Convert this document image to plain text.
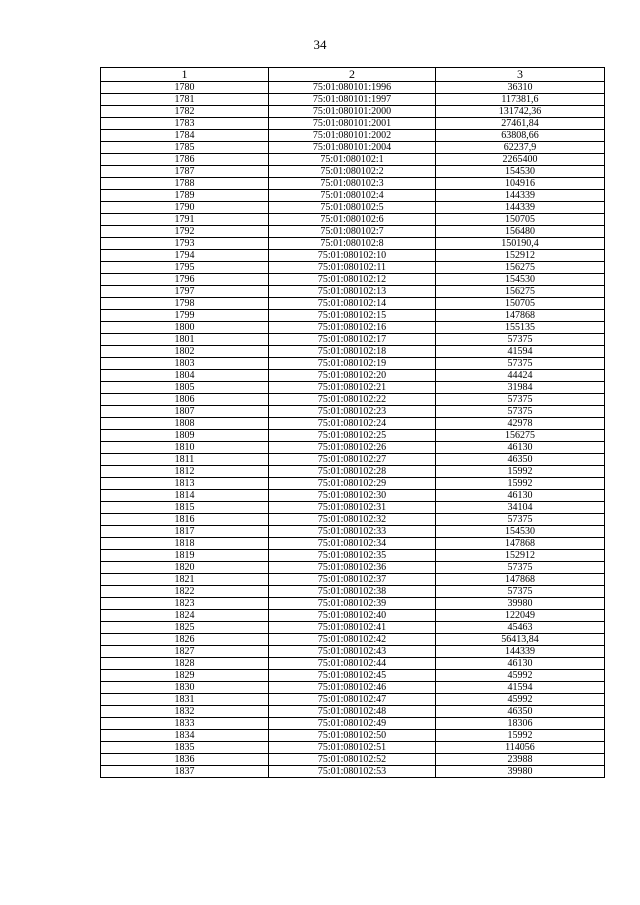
34
1	2	3
1780	75:01:080101:1996	36310
1781	75:01:080101:1997	117381,6
1782	75:01:080101:2000	131742,36
1783	75:01:080101:2001	27461,84
1784	75:01:080101:2002	63808,66
1785	75:01:080101:2004	62237,9
1786	75:01:080102:1	2265400
1787	75:01:080102:2	154530
1788	75:01:080102:3	104916
1789	75:01:080102:4	144339
1790	75:01:080102:5	144339
1791	75:01:080102:6	150705
1792	75:01:080102:7	156480
1793	75:01:080102:8	150190,4
1794	75:01:080102:10	152912
1795	75:01:080102:11	156275
1796	75:01:080102:12	154530
1797	75:01:080102:13	156275
1798	75:01:080102:14	150705
1799	75:01:080102:15	147868
1800	75:01:080102:16	155135
1801	75:01:080102:17	57375
1802	75:01:080102:18	41594
1803	75:01:080102:19	57375
1804	75:01:080102:20	44424
1805	75:01:080102:21	31984
1806	75:01:080102:22	57375
1807	75:01:080102:23	57375
1808	75:01:080102:24	42978
1809	75:01:080102:25	156275
1810	75:01:080102:26	46130
1811	75:01:080102:27	46350
1812	75:01:080102:28	15992
1813	75:01:080102:29	15992
1814	75:01:080102:30	46130
1815	75:01:080102:31	34104
1816	75:01:080102:32	57375
1817	75:01:080102:33	154530
1818	75:01:080102:34	147868
1819	75:01:080102:35	152912
1820	75:01:080102:36	57375
1821	75:01:080102:37	147868
1822	75:01:080102:38	57375
1823	75:01:080102:39	39980
1824	75:01:080102:40	122049
1825	75:01:080102:41	45463
1826	75:01:080102:42	56413,84
1827	75:01:080102:43	144339
1828	75:01:080102:44	46130
1829	75:01:080102:45	45992
1830	75:01:080102:46	41594
1831	75:01:080102:47	45992
1832	75:01:080102:48	46350
1833	75:01:080102:49	18306
1834	75:01:080102:50	15992
1835	75:01:080102:51	114056
1836	75:01:080102:52	23988
1837	75:01:080102:53	39980
